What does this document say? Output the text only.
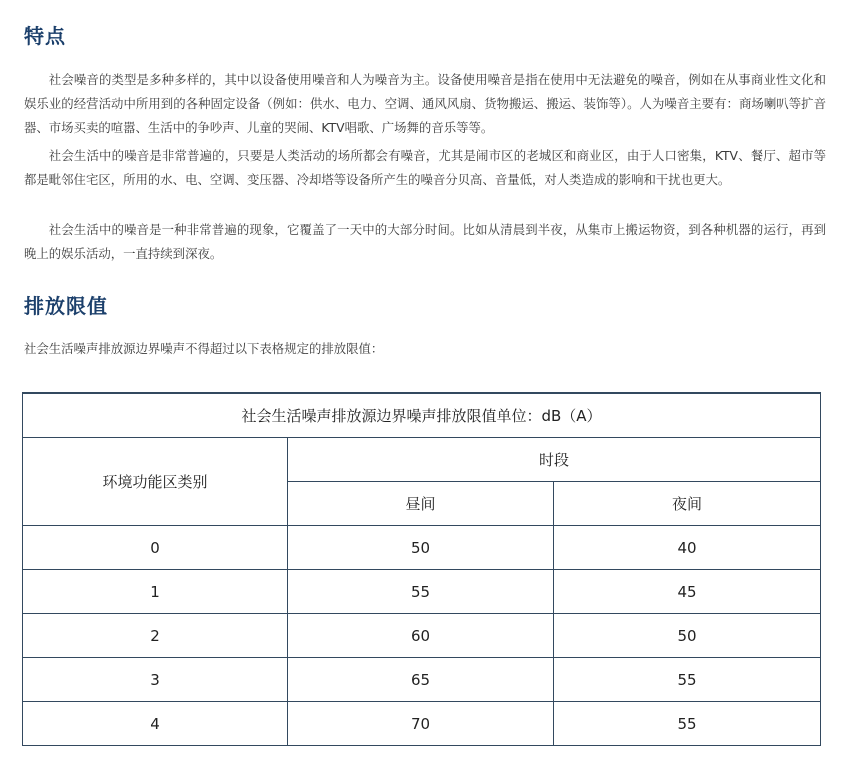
特点

社会噪音的类型是多种多样的，其中以设备使用噪音和人为噪音为主。设备使用噪音是指在使用中无法避免的噪音，例如在从事商业性文化和娱乐业的经营活动中所用到的各种固定设备（例如：供水、电力、空调、通风风扇、货物搬运、搬运、装饰等）。人为噪音主要有：商场喇叭等扩音器、市场买卖的喧嚣、生活中的争吵声、儿童的哭闹、KTV唱歌、广场舞的音乐等等。

社会生活中的噪音是非常普遍的，只要是人类活动的场所都会有噪音，尤其是闹市区的老城区和商业区，由于人口密集，KTV、餐厅、超市等都是毗邻住宅区，所用的水、电、空调、变压器、冷却塔等设备所产生的噪音分贝高、音量低，对人类造成的影响和干扰也更大。

社会生活中的噪音是一种非常普遍的现象，它覆盖了一天中的大部分时间。比如从清晨到半夜，从集市上搬运物资，到各种机器的运行，再到晚上的娱乐活动，一直持续到深夜。

排放限值

社会生活噪声排放源边界噪声不得超过以下表格规定的排放限值：

社会生活噪声排放源边界噪声排放限值单位：dB（A）		
环境功能区类别	时段	
	昼间	夜间
0	50	40
1	55	45
2	60	50
3	65	55
4	70	55
